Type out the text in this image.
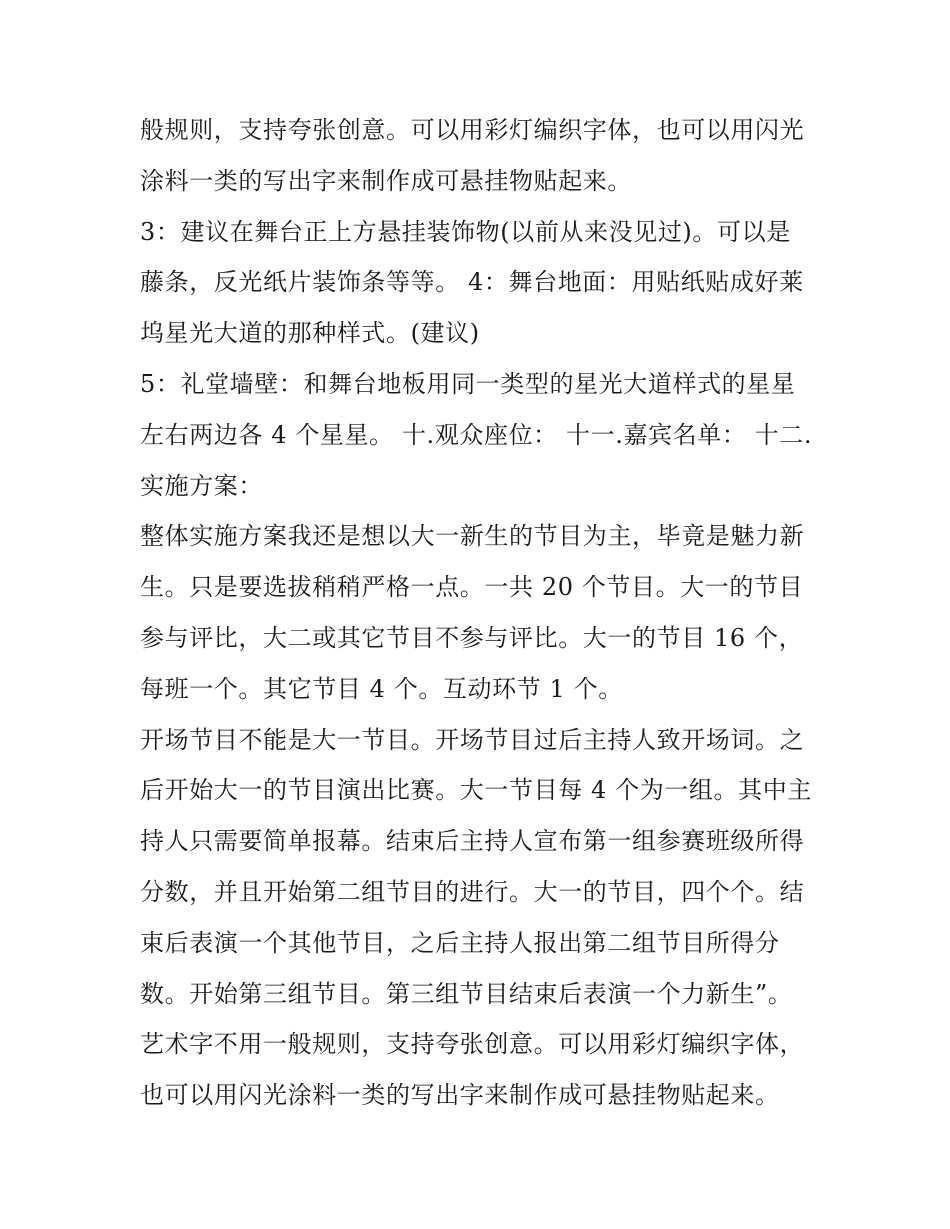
般规则，支持夸张创意。可以用彩灯编织字体，也可以用闪光
涂料一类的写出字来制作成可悬挂物贴起来。
3：建议在舞台正上方悬挂装饰物(以前从来没见过)。可以是
藤条，反光纸片装饰条等等。 4：舞台地面：用贴纸贴成好莱
坞星光大道的那种样式。(建议)
5：礼堂墙壁：和舞台地板用同一类型的星光大道样式的星星
左右两边各 4 个星星。 十.观众座位： 十一.嘉宾名单： 十二.
实施方案：
整体实施方案我还是想以大一新生的节目为主，毕竟是魅力新
生。只是要选拔稍稍严格一点。一共 20 个节目。大一的节目
参与评比，大二或其它节目不参与评比。大一的节目 16 个，
每班一个。其它节目 4 个。互动环节 1 个。
开场节目不能是大一节目。开场节目过后主持人致开场词。之
后开始大一的节目演出比赛。大一节目每 4 个为一组。其中主
持人只需要简单报幕。结束后主持人宣布第一组参赛班级所得
分数，并且开始第二组节目的进行。大一的节目，四个个。结
束后表演一个其他节目，之后主持人报出第二组节目所得分
数。开始第三组节目。第三组节目结束后表演一个力新生”。
艺术字不用一般规则，支持夸张创意。可以用彩灯编织字体，
也可以用闪光涂料一类的写出字来制作成可悬挂物贴起来。
